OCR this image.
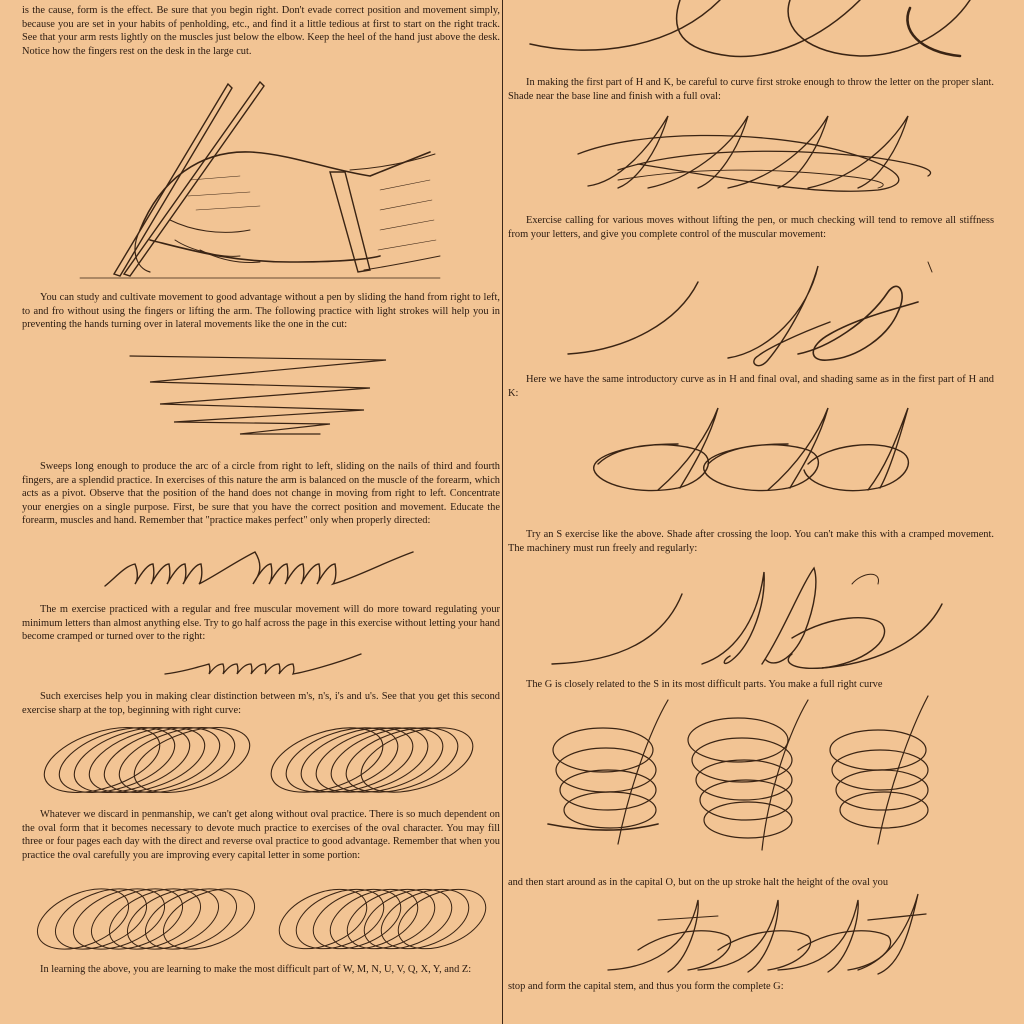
is the cause, form is the effect. Be sure that you begin right. Don't evade correct position and movement simply, because you are set in your habits of penholding, etc., and find it a little tedious at first to start on the right track. See that your arm rests lightly on the muscles just below the elbow. Keep the heel of the hand just above the desk. Notice how the fingers rest on the desk in the large cut.

You can study and cultivate movement to good advantage without a pen by sliding the hand from right to left, to and fro without using the fingers or lifting the arm. The following practice with light strokes will help you in preventing the hands turning over in lateral movements like the one in the cut:

Sweeps long enough to produce the arc of a circle from right to left, sliding on the nails of third and fourth fingers, are a splendid practice. In exercises of this nature the arm is balanced on the muscle of the forearm, which acts as a pivot. Observe that the position of the hand does not change in moving from right to left. Concentrate your energies on a single purpose. First, be sure that you have the correct position and movement. Educate the forearm, muscles and hand. Remember that "practice makes perfect" only when properly directed:

The m exercise practiced with a regular and free muscular movement will do more toward regulating your minimum letters than almost anything else. Try to go half across the page in this exercise without letting your hand become cramped or turned over to the right:

Such exercises help you in making clear distinction between m's, n's, i's and u's. See that you get this second exercise sharp at the top, beginning with right curve:

Whatever we discard in penmanship, we can't get along without oval practice. There is so much dependent on the oval form that it becomes necessary to devote much practice to exercises of the oval character. You may fill three or four pages each day with the direct and reverse oval practice to good advantage. Remember that when you practice the oval carefully you are improving every capital letter in some portion:

In learning the above, you are learning to make the most difficult part of W, M, N, U, V, Q, X, Y, and Z:

In making the first part of H and K, be careful to curve first stroke enough to throw the letter on the proper slant. Shade near the base line and finish with a full oval:

Exercise calling for various moves without lifting the pen, or much checking will tend to remove all stiffness from your letters, and give you complete control of the muscular movement:

Here we have the same introductory curve as in H and final oval, and shading same as in the first part of H and K:

Try an S exercise like the above. Shade after crossing the loop. You can't make this with a cramped movement. The machinery must run freely and regularly:

The G is closely related to the S in its most difficult parts. You make a full right curve

and then start around as in the capital O, but on the up stroke halt the height of the oval you

stop and form the capital stem, and thus you form the complete G:
